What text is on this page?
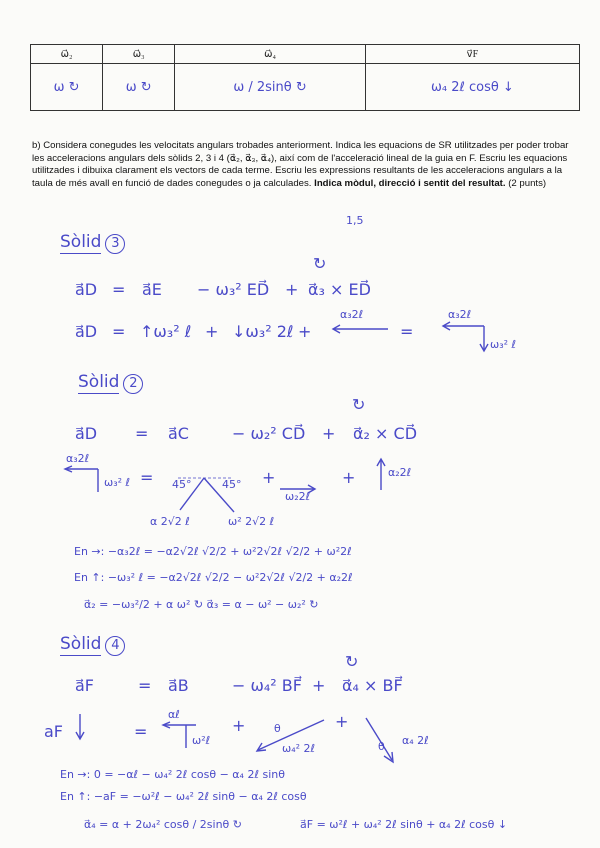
ω⃗₂	ω⃗₃	ω⃗₄	v⃗F
ω ↻	ω ↻	ω / 2sinθ ↻	ω₄ 2ℓ cosθ ↓
b) Considera conegudes les velocitats angulars trobades anteriorment. Indica les equacions de SR utilitzades per poder trobar les acceleracions angulars dels sòlids 2, 3 i 4 (α⃗₂, α⃗₃, α⃗₄), així com de l'acceleració lineal de la guia en F. Escriu les equacions utilitzades i dibuixa clarament els vectors de cada terme. Escriu les expressions resultants de les acceleracions angulars a la taula de més avall en funció de dades conegudes o ja calculades. Indica mòdul, direcció i sentit del resultat. (2 punts)
1,5
Sòlid 3
↻
a⃗D = a⃗E − ω₃² ED⃗ + α⃗₃ × ED⃗
a⃗D = ↑ω₃² ℓ + ↓ω₃² 2ℓ +
α₃2ℓ
=
α₃2ℓ
ω₃² ℓ
Sòlid 2
↻
a⃗D = a⃗C	− ω₂² CD⃗ + α⃗₂ × CD⃗
α₃2ℓ
ω₃² ℓ = 45°	45°
α 2√2 ℓ	ω² 2√2 ℓ
+
ω₂2ℓ
+	α₂2ℓ
En →: −α₃2ℓ = −α2√2ℓ √2/2 + ω²2√2ℓ √2/2 + ω²2ℓ
En ↑: −ω₃² ℓ = −α2√2ℓ √2/2 − ω²2√2ℓ √2/2 + α₂2ℓ
α⃗₂ = −ω₃²/2 + α ω² ↻ α⃗₃ = α − ω² − ω₂² ↻
Sòlid 4
↻
a⃗F	= a⃗B	− ω₄² BF⃗ + α⃗₄ × BF⃗
aF	=
αℓ
ω²ℓ
+	θ
ω₄² 2ℓ
+
θ α₄ 2ℓ
En →: 0 = −αℓ − ω₄² 2ℓ cosθ − α₄ 2ℓ sinθ
En ↑: −aF = −ω²ℓ − ω₄² 2ℓ sinθ − α₄ 2ℓ cosθ
α⃗₄ = α + 2ω₄² cosθ / 2sinθ ↻	a⃗F = ω²ℓ + ω₄² 2ℓ sinθ + α₄ 2ℓ cosθ ↓
